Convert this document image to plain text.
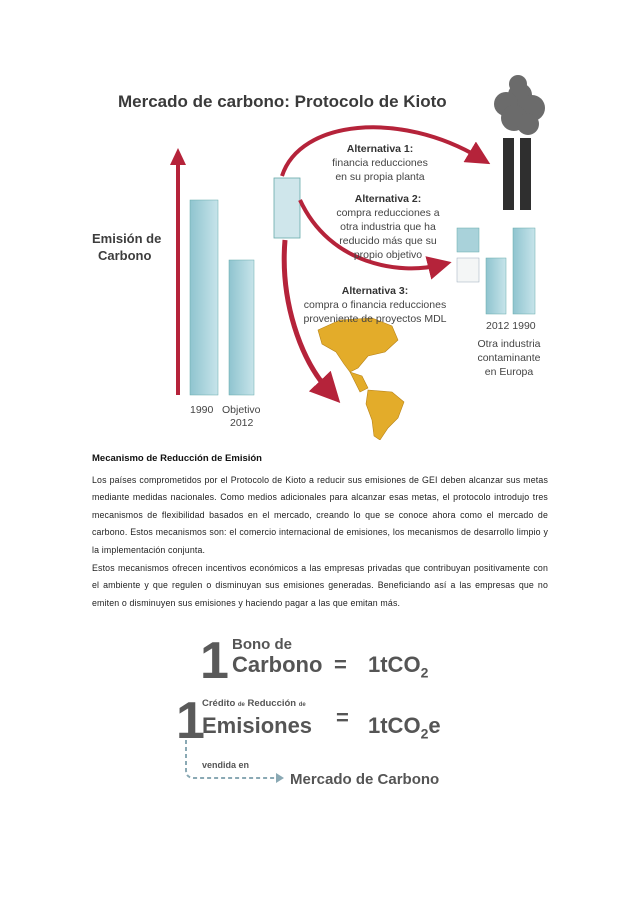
Mercado de carbono: Protocolo de Kioto
Emisión de
Carbono
1990 Objetivo
2012
Alternativa 1:
financia reducciones
en su propia planta
Alternativa 2:
compra reducciones a
otra industria que ha
reducido más que su
propio objetivo
Alternativa 3:
compra o financia reducciones
proveniente de proyectos MDL
2012 1990
Otra industria
contaminante
en Europa
Mecanismo de Reducción de Emisión
Los países comprometidos por el Protocolo de Kioto a reducir sus emisiones de GEI deben alcanzar sus metas mediante medidas nacionales. Como medios adicionales para alcanzar esas metas, el protocolo introdujo tres mecanismos de flexibilidad basados en el mercado, creando lo que se conoce ahora como el mercado de carbono. Estos mecanismos son: el comercio internacional de emisiones, los mecanismos de desarrollo limpio y la implementación conjunta.
Estos mecanismos ofrecen incentivos económicos a las empresas privadas que contribuyan positivamente con el ambiente y que regulen o disminuyan sus emisiones generadas. Beneficiando así a las empresas que no emiten o disminuyen sus emisiones y haciendo pagar a las que emitan más.
1 Bono de
Carbono = 1tCO$_2$
1
Crédito de Reducción de
Emisiones = 1tCO$_2$e
vendida en
Mercado de Carbono
